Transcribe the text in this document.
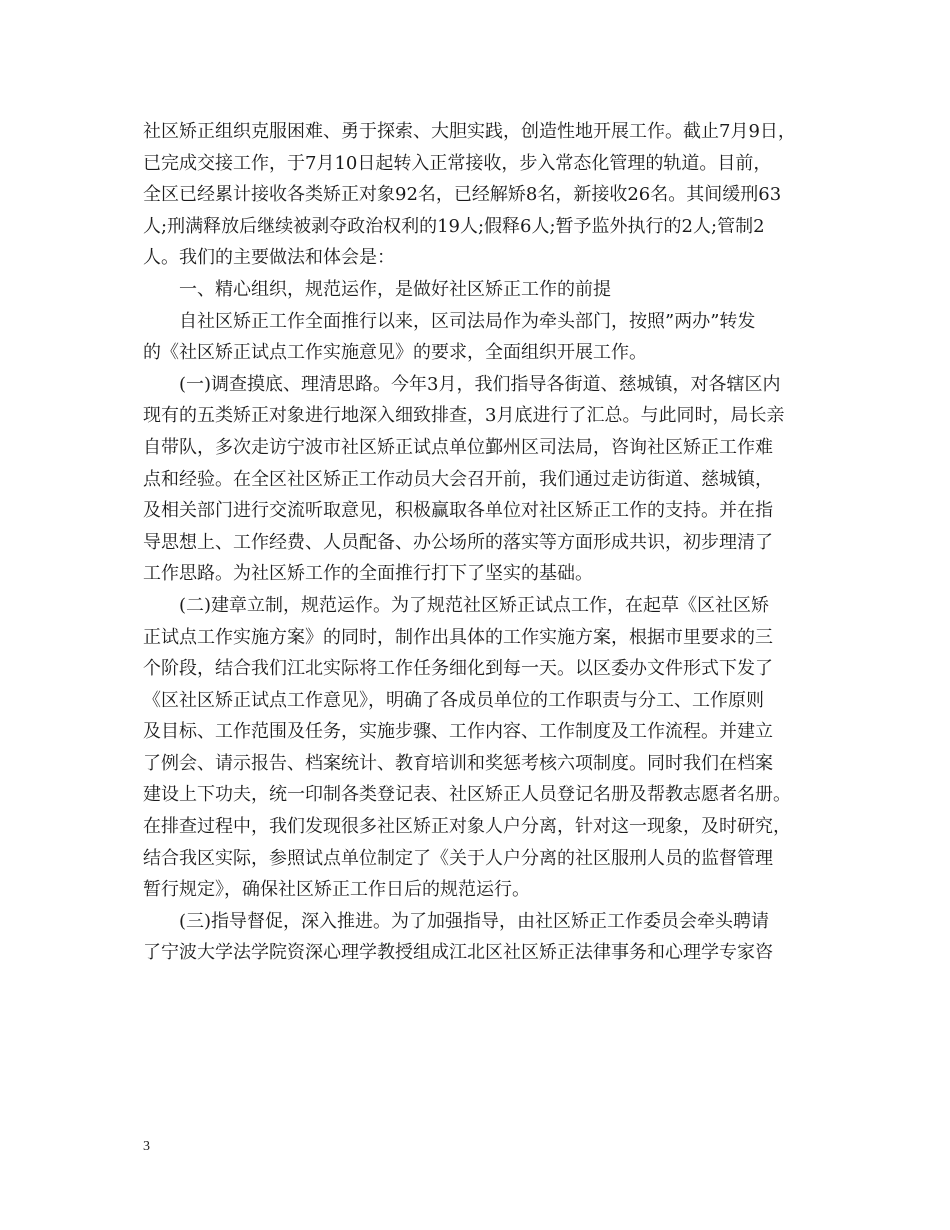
社区矫正组织克服困难、勇于探索、大胆实践，创造性地开展工作。截止7月9日，
已完成交接工作，于7月10日起转入正常接收，步入常态化管理的轨道。目前，
全区已经累计接收各类矫正对象92名，已经解矫8名，新接收26名。其间缓刑63
人;刑满释放后继续被剥夺政治权利的19人;假释6人;暂予监外执行的2人;管制2
人。我们的主要做法和体会是：
一、精心组织，规范运作，是做好社区矫正工作的前提
自社区矫正工作全面推行以来，区司法局作为牵头部门，按照”两办”转发
的《社区矫正试点工作实施意见》的要求，全面组织开展工作。
(一)调查摸底、理清思路。今年3月，我们指导各街道、慈城镇，对各辖区内
现有的五类矫正对象进行地深入细致排查，3月底进行了汇总。与此同时，局长亲
自带队，多次走访宁波市社区矫正试点单位鄞州区司法局，咨询社区矫正工作难
点和经验。在全区社区矫正工作动员大会召开前，我们通过走访街道、慈城镇，
及相关部门进行交流听取意见，积极赢取各单位对社区矫正工作的支持。并在指
导思想上、工作经费、人员配备、办公场所的落实等方面形成共识，初步理清了
工作思路。为社区矫工作的全面推行打下了坚实的基础。
(二)建章立制，规范运作。为了规范社区矫正试点工作，在起草《区社区矫
正试点工作实施方案》的同时，制作出具体的工作实施方案，根据市里要求的三
个阶段，结合我们江北实际将工作任务细化到每一天。以区委办文件形式下发了
《区社区矫正试点工作意见》，明确了各成员单位的工作职责与分工、工作原则
及目标、工作范围及任务，实施步骤、工作内容、工作制度及工作流程。并建立
了例会、请示报告、档案统计、教育培训和奖惩考核六项制度。同时我们在档案
建设上下功夫，统一印制各类登记表、社区矫正人员登记名册及帮教志愿者名册。
在排查过程中，我们发现很多社区矫正对象人户分离，针对这一现象，及时研究，
结合我区实际，参照试点单位制定了《关于人户分离的社区服刑人员的监督管理
暂行规定》，确保社区矫正工作日后的规范运行。
(三)指导督促，深入推进。为了加强指导，由社区矫正工作委员会牵头聘请
了宁波大学法学院资深心理学教授组成江北区社区矫正法律事务和心理学专家咨
3
